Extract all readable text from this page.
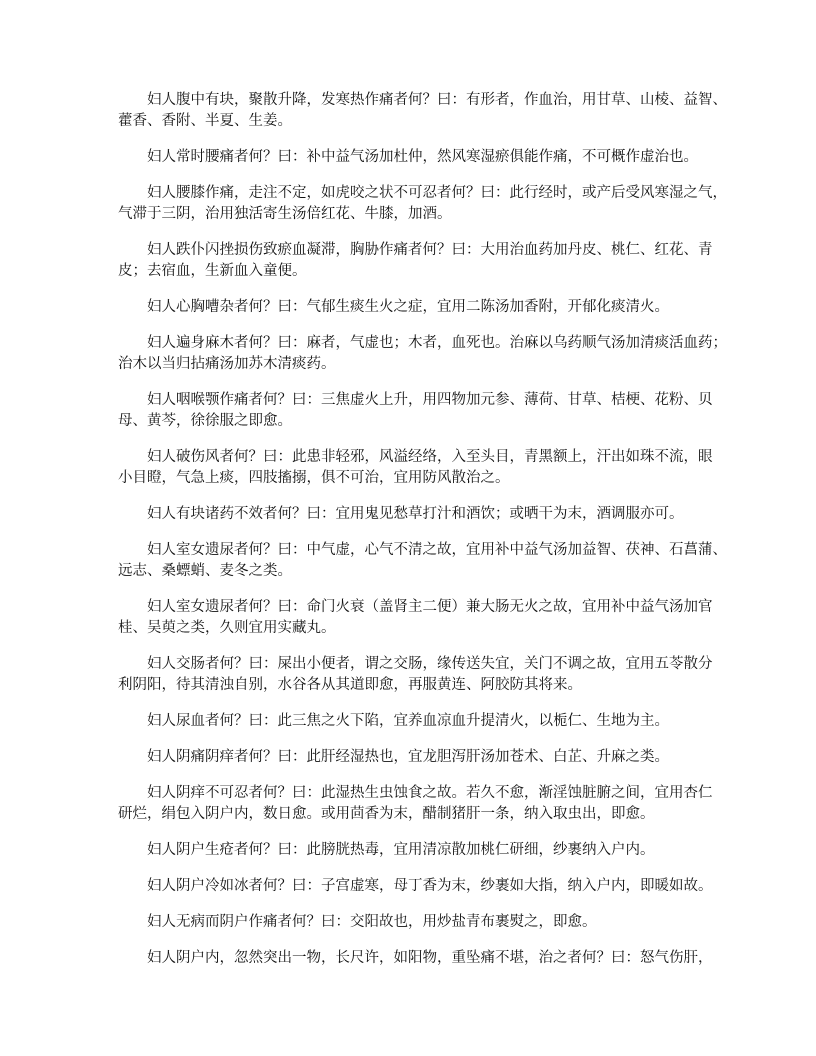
妇人腹中有块，聚散升降，发寒热作痛者何？曰：有形者，作血治，用甘草、山棱、益智、
藿香、香附、半夏、生姜。
妇人常时腰痛者何？曰：补中益气汤加杜仲，然风寒湿瘀俱能作痛，不可概作虚治也。
妇人腰膝作痛，走注不定，如虎咬之状不可忍者何？曰：此行经时，或产后受风寒湿之气，
气滞于三阴，治用独活寄生汤倍红花、牛膝，加酒。
妇人跌仆闪挫损伤致瘀血凝滞，胸胁作痛者何？曰：大用治血药加丹皮、桃仁、红花、青
皮；去宿血，生新血入童便。
妇人心胸嘈杂者何？曰：气郁生痰生火之症，宜用二陈汤加香附，开郁化痰清火。
妇人遍身麻木者何？曰：麻者，气虚也；木者，血死也。治麻以乌药顺气汤加清痰活血药；
治木以当归拈痛汤加苏木清痰药。
妇人咽喉颚作痛者何？曰：三焦虚火上升，用四物加元参、薄荷、甘草、桔梗、花粉、贝
母、黄芩，徐徐服之即愈。
妇人破伤风者何？曰：此患非轻邪，风溢经络，入至头目，青黑额上，汗出如珠不流，眼
小目瞪，气急上痰，四肢搐搦，俱不可治，宜用防风散治之。
妇人有块诸药不效者何？曰：宜用鬼见愁草打汁和酒饮；或晒干为末，酒调服亦可。
妇人室女遗尿者何？曰：中气虚，心气不清之故，宜用补中益气汤加益智、茯神、石菖蒲、
远志、桑螵蛸、麦冬之类。
妇人室女遗尿者何？曰：命门火衰（盖肾主二便）兼大肠无火之故，宜用补中益气汤加官
桂、吴萸之类，久则宜用实藏丸。
妇人交肠者何？曰：屎出小便者，谓之交肠，缘传送失宜，关门不调之故，宜用五苓散分
利阴阳，待其清浊自别，水谷各从其道即愈，再服黄连、阿胶防其将来。
妇人尿血者何？曰：此三焦之火下陷，宜养血凉血升提清火，以栀仁、生地为主。
妇人阴痛阴痒者何？曰：此肝经湿热也，宜龙胆泻肝汤加苍术、白芷、升麻之类。
妇人阴痒不可忍者何？曰：此湿热生虫蚀食之故。若久不愈，渐淫蚀脏腑之间，宜用杏仁
研烂，绢包入阴户内，数日愈。或用茴香为末，醋制猪肝一条，纳入取虫出，即愈。
妇人阴户生疮者何？曰：此膀胱热毒，宜用清凉散加桃仁研细，纱裹纳入户内。
妇人阴户冷如冰者何？曰：子宫虚寒，母丁香为末，纱裹如大指，纳入户内，即暖如故。
妇人无病而阴户作痛者何？曰：交阳故也，用炒盐青布裹熨之，即愈。
妇人阴户内，忽然突出一物，长尺许，如阳物，重坠痛不堪，治之者何？曰：怒气伤肝，
